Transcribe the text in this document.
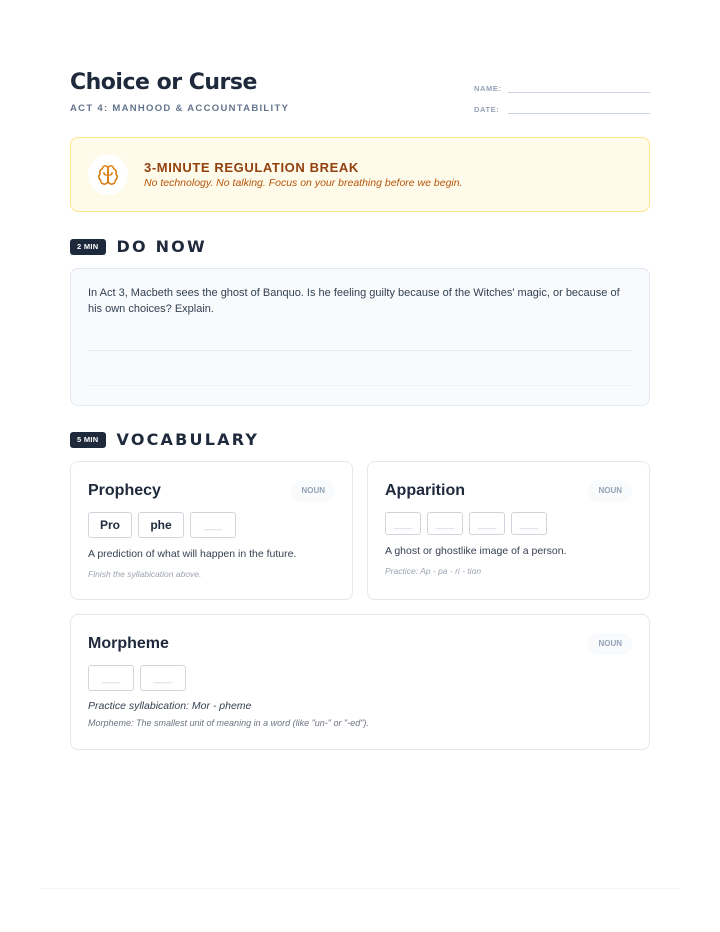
Choice or Curse
ACT 4: MANHOOD & ACCOUNTABILITY
NAME:
DATE:
3-MINUTE REGULATION BREAK
No technology. No talking. Focus on your breathing before we begin.
2 MIN	DO NOW
In Act 3, Macbeth sees the ghost of Banquo. Is he feeling guilty because of the Witches' magic, or because of his own choices? Explain.
5 MIN	VOCABULARY
Prophecy	NOUN
Pro	phe	___
A prediction of what will happen in the future.
Finish the syllabication above.
Apparition	NOUN
___	___	___	___
A ghost or ghostlike image of a person.
Practice: Ap - pa - ri - tion
Morpheme	NOUN
___	___
Practice syllabication: Mor - pheme
Morpheme: The smallest unit of meaning in a word (like "un-" or "-ed").
